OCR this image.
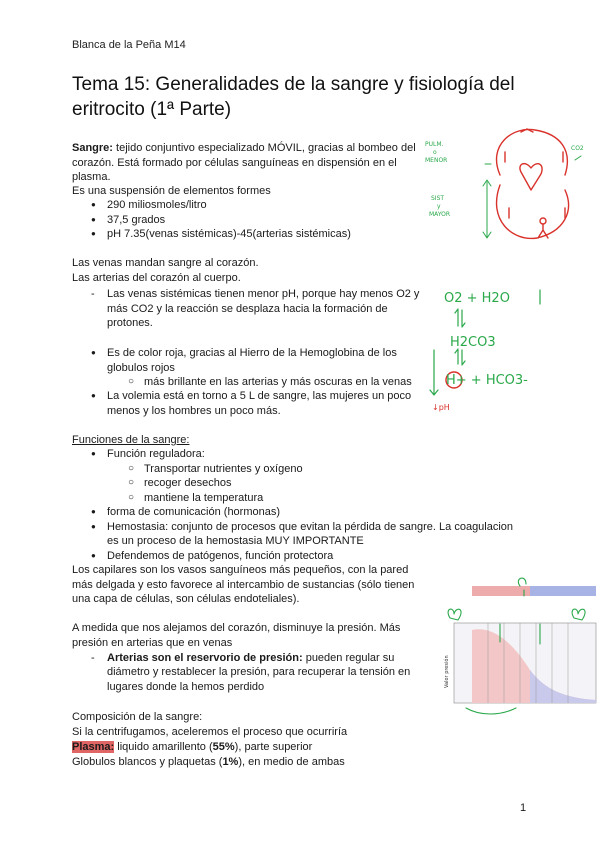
Blanca de la Peña M14
Tema 15: Generalidades de la sangre y fisiología del
eritrocito (1ª Parte)
Sangre: tejido conjuntivo especializado MÓVIL, gracias al bombeo del
corazón. Está formado por células sanguíneas en dispensión en el
plasma.
Es una suspensión de elementos formes
● 290 miliosmoles/litro
● 37,5 grados
● pH 7.35(venas sistémicas)-45(arterias sistémicas)
Las venas mandan sangre al corazón.
Las arterias del corazón al cuerpo.
- Las venas sistémicas tienen menor pH, porque hay menos O2 y
más CO2 y la reacción se desplaza hacia la formación de
protones.
● Es de color roja, gracias al Hierro de la Hemoglobina de los
globulos rojos
○ más brillante en las arterias y más oscuras en la venas
● La volemia está en torno a 5 L de sangre, las mujeres un poco
menos y los hombres un poco más.
Funciones de la sangre:
● Función reguladora:
○ Transportar nutrientes y oxígeno
○ recoger desechos
○ mantiene la temperatura
● forma de comunicación (hormonas)
● Hemostasia: conjunto de procesos que evitan la pérdida de sangre. La coagulacion
es un proceso de la hemostasia MUY IMPORTANTE
● Defendemos de patógenos, función protectora
Los capilares son los vasos sanguíneos más pequeños, con la pared
más delgada y esto favorece al intercambio de sustancias (sólo tienen
una capa de células, son células endoteliales).
A medida que nos alejamos del corazón, disminuye la presión. Más
presión en arterias que en venas
- Arterias son el reservorio de presión: pueden regular su
diámetro y restablecer la presión, para recuperar la tensión en
lugares donde la hemos perdido
Composición de la sangre:
Si la centrifugamos, aceleremos el proceso que ocurriría
Plasma: liquido amarillento (55%), parte superior
Globulos blancos y plaquetas (1%), en medio de ambas
1
PULM.
o
MENOR
SIST
y
MAYOR
CO2
O2 + H2O
H2CO3
H+ + HCO3-
↓pH
Valor presión
